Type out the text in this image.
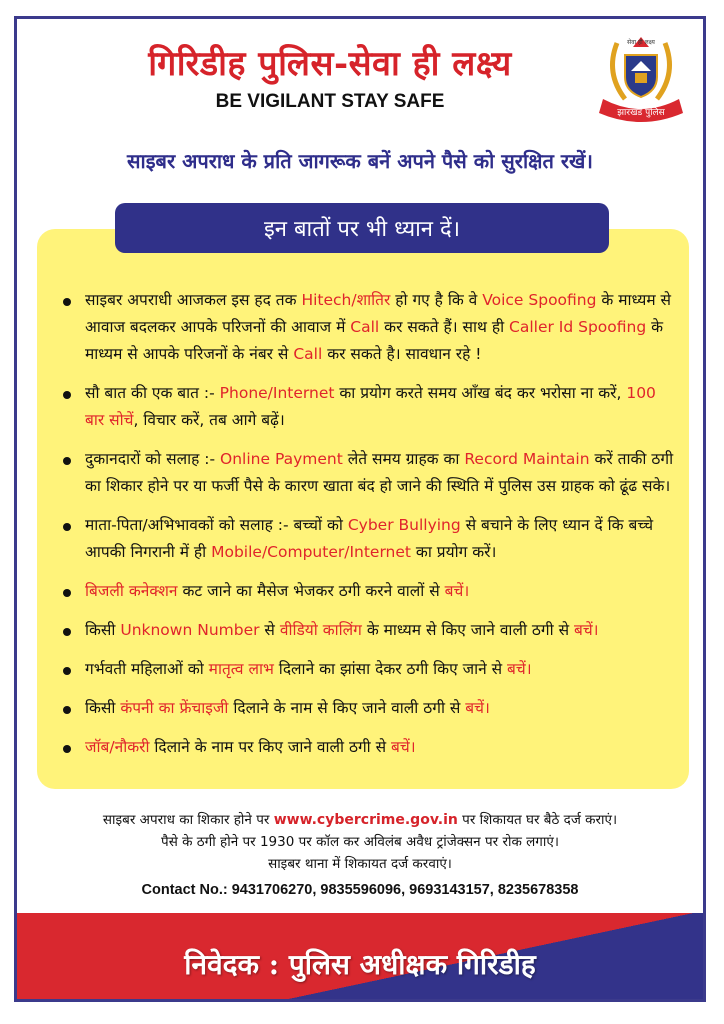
गिरिडीह पुलिस-सेवा ही लक्ष्य
BE VIGILANT STAY SAFE
सेवा ही लक्ष्य
झारखंड पुलिस
साइबर अपराध के प्रति जागरूक बनें अपने पैसे को सुरक्षित रखें।
इन बातों पर भी ध्यान दें।
साइबर अपराधी आजकल इस हद तक Hitech/शातिर हो गए है कि वे Voice Spoofing के माध्यम से आवाज बदलकर आपके परिजनों की आवाज में Call कर सकते हैं। साथ ही Caller Id Spoofing के माध्यम से आपके परिजनों के नंबर से Call कर सकते है। सावधान रहे !
सौ बात की एक बात :- Phone/Internet का प्रयोग करते समय आँख बंद कर भरोसा ना करें, 100 बार सोचें, विचार करें, तब आगे बढ़ें।
दुकानदारों को सलाह :- Online Payment लेते समय ग्राहक का Record Maintain करें ताकी ठगी का शिकार होने पर या फर्जी पैसे के कारण खाता बंद हो जाने की स्थिति में पुलिस उस ग्राहक को ढूंढ सके।
माता-पिता/अभिभावकों को सलाह :- बच्चों को Cyber Bullying से बचाने के लिए ध्यान दें कि बच्चे आपकी निगरानी में ही Mobile/Computer/Internet का प्रयोग करें।
बिजली कनेक्शन कट जाने का मैसेज भेजकर ठगी करने वालों से बचें।
किसी Unknown Number से वीडियो कालिंग के माध्यम से किए जाने वाली ठगी से बचें।
गर्भवती महिलाओं को मातृत्व लाभ दिलाने का झांसा देकर ठगी किए जाने से बचें।
किसी कंपनी का फ्रेंचाइजी दिलाने के नाम से किए जाने वाली ठगी से बचें।
जॉब/नौकरी दिलाने के नाम पर किए जाने वाली ठगी से बचें।
साइबर अपराध का शिकार होने पर www.cybercrime.gov.in पर शिकायत घर बैठे दर्ज कराएं।
पैसे के ठगी होने पर 1930 पर कॉल कर अविलंब अवैध ट्रांजेक्सन पर रोक लगाएं।
साइबर थाना में शिकायत दर्ज करवाएं।
Contact No.: 9431706270, 9835596096, 9693143157, 8235678358
निवेदक : पुलिस अधीक्षक गिरिडीह
